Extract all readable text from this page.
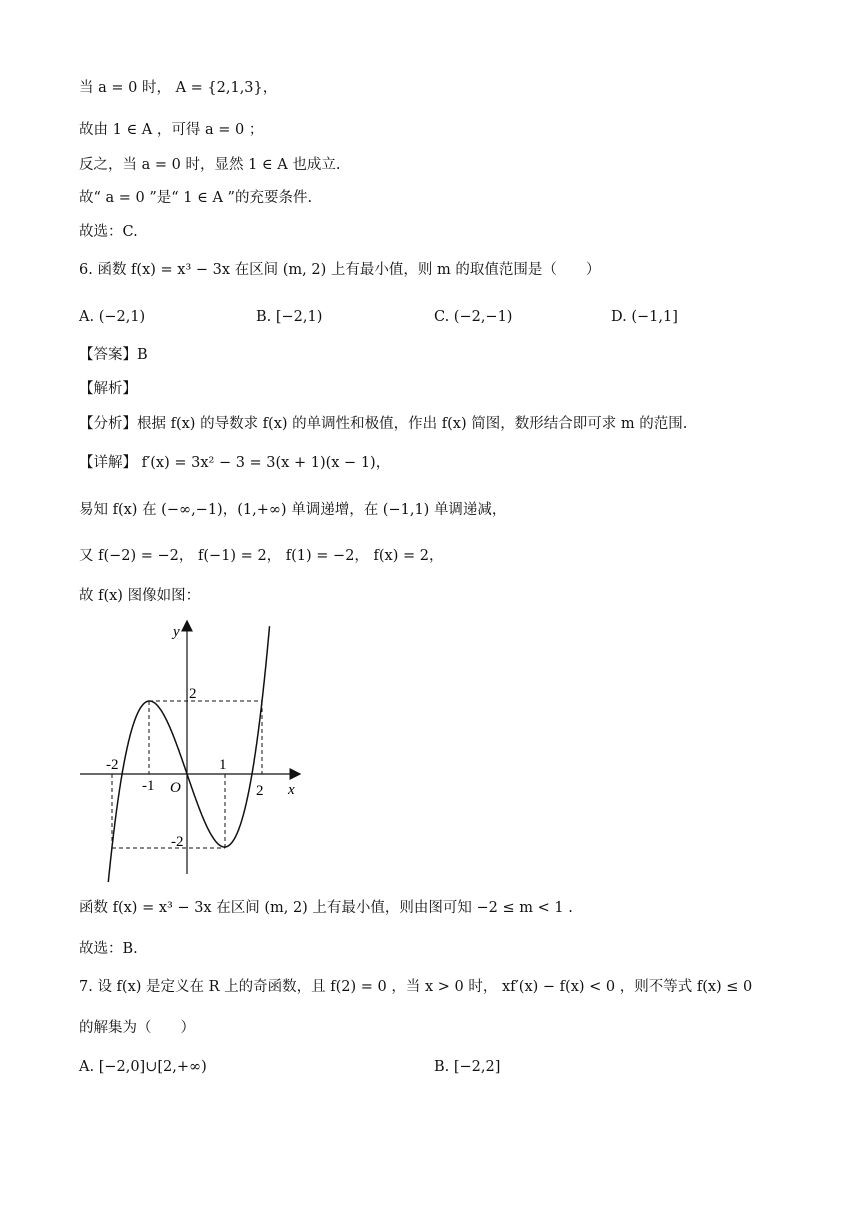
当 a = 0 时， A = {2,1,3}，
故由 1 ∈ A ，可得 a = 0 ；
反之，当 a = 0 时，显然 1 ∈ A 也成立.
故“ a = 0 ”是“ 1 ∈ A ”的充要条件.
故选：C.
6. 函数 f(x) = x³ − 3x 在区间 (m, 2) 上有最小值，则 m 的取值范围是（　　）
A. (−2,1)	B. [−2,1)	C. (−2,−1)	D. (−1,1]
【答案】B
【解析】
【分析】根据 f(x) 的导数求 f(x) 的单调性和极值，作出 f(x) 简图，数形结合即可求 m 的范围.
【详解】 f′(x) = 3x² − 3 = 3(x + 1)(x − 1)，
易知 f(x) 在 (−∞,−1)，(1,+∞) 单调递增，在 (−1,1) 单调递减，
又 f(−2) = −2， f(−1) = 2， f(1) = −2， f(x) = 2，
故 f(x) 图像如图：
y
x
O
2
-2
-2
-1
1
2
函数 f(x) = x³ − 3x 在区间 (m, 2) 上有最小值，则由图可知 −2 ≤ m < 1 .
故选：B.
7. 设 f(x) 是定义在 R 上的奇函数，且 f(2) = 0 ，当 x > 0 时， xf′(x) − f(x) < 0 ，则不等式 f(x) ≤ 0
的解集为（　　）
A. [−2,0]∪[2,+∞)	B. [−2,2]
